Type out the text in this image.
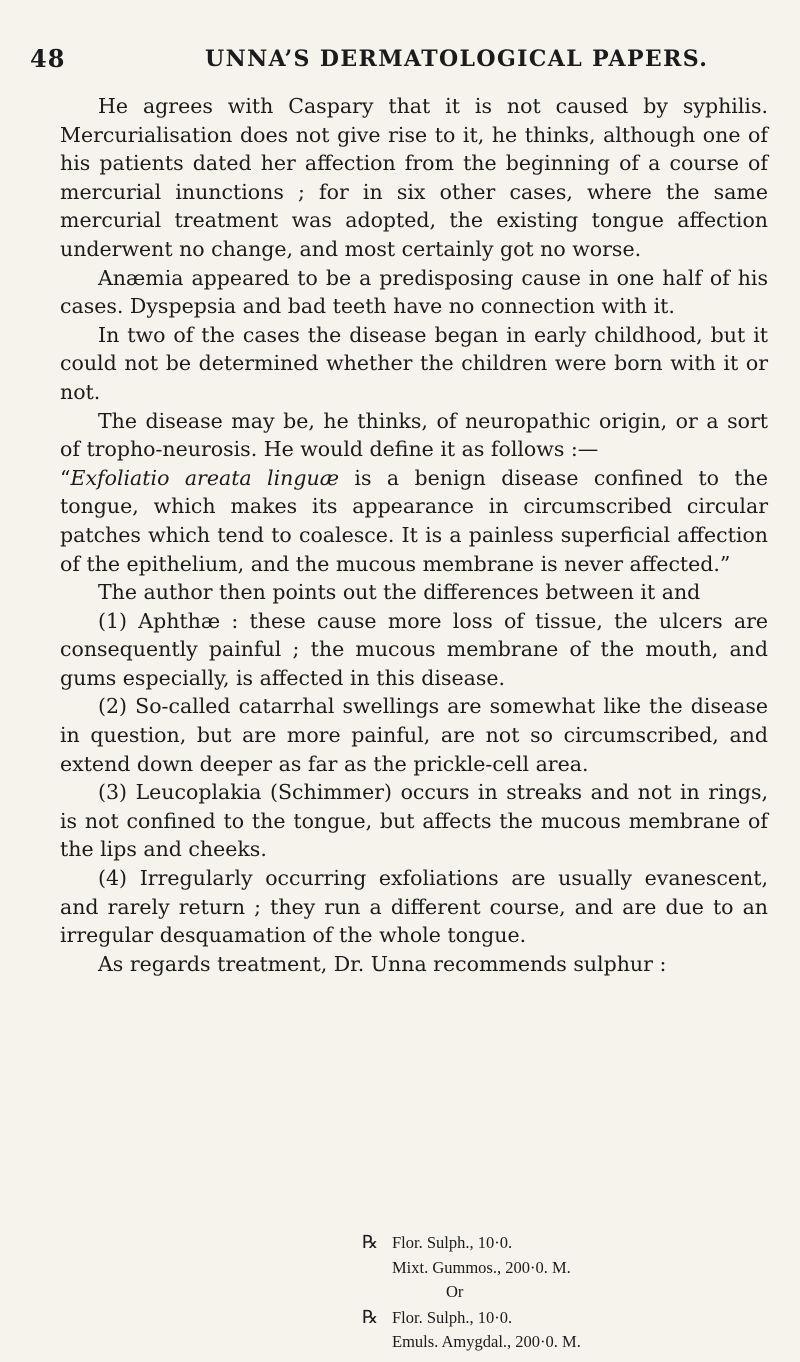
48	UNNA’S DERMATOLOGICAL PAPERS.

He agrees with Caspary that it is not caused by syphilis. Mercurialisation does not give rise to it, he thinks, although one of his patients dated her affection from the beginning of a course of mercurial inunctions ; for in six other cases, where the same mercurial treatment was adopted, the existing tongue affection underwent no change, and most certainly got no worse.

Anæmia appeared to be a predisposing cause in one half of his cases. Dyspepsia and bad teeth have no connection with it.

In two of the cases the disease began in early childhood, but it could not be determined whether the children were born with it or not.

The disease may be, he thinks, of neuropathic origin, or a sort of tropho-neurosis. He would define it as follows :—

“Exfoliatio areata linguæ is a benign disease confined to the tongue, which makes its appearance in circumscribed circular patches which tend to coalesce. It is a painless superficial affection of the epithelium, and the mucous membrane is never affected.”

The author then points out the differences between it and

(1) Aphthæ : these cause more loss of tissue, the ulcers are consequently painful ; the mucous membrane of the mouth, and gums especially, is affected in this disease.

(2) So-called catarrhal swellings are somewhat like the disease in question, but are more painful, are not so circumscribed, and extend down deeper as far as the prickle-cell area.

(3) Leucoplakia (Schimmer) occurs in streaks and not in rings, is not confined to the tongue, but affects the mucous membrane of the lips and cheeks.

(4) Irregularly occurring exfoliations are usually evanescent, and rarely return ; they run a different course, and are due to an irregular desquamation of the whole tongue.

As regards treatment, Dr. Unna recommends sulphur :

℞ Flor. Sulph., 10·0.
Mixt. Gummos., 200·0. M.
Or
℞ Flor. Sulph., 10·0.
Emuls. Amygdal., 200·0. M.
